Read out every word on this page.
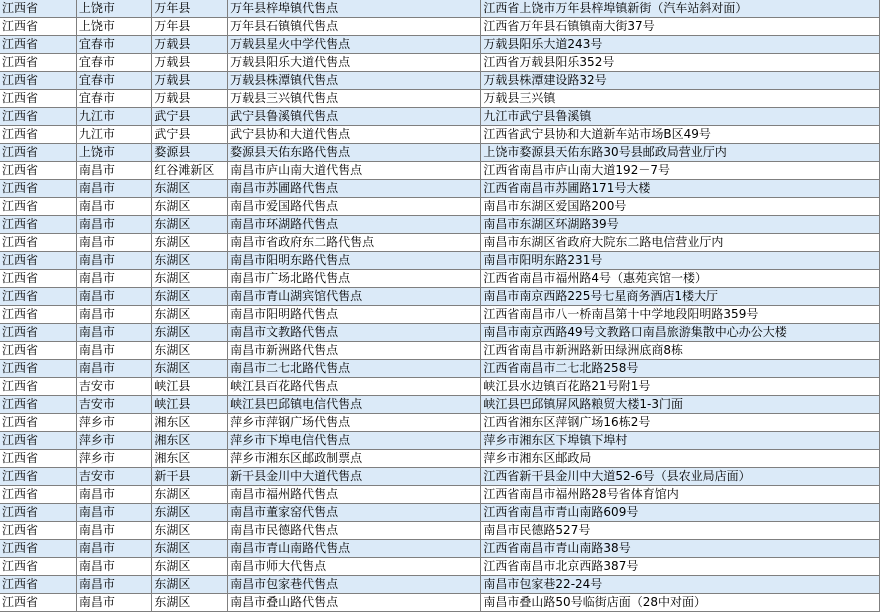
江西省	上饶市	万年县	万年县梓埠镇代售点	江西省上饶市万年县梓埠镇新街（汽车站斜对面）
江西省	上饶市	万年县	万年县石镇镇代售点	江西省万年县石镇镇南大街37号
江西省	宜春市	万载县	万载县星火中学代售点	万载县阳乐大道243号
江西省	宜春市	万载县	万载县阳乐大道代售点	江西省万载县阳乐352号
江西省	宜春市	万载县	万载县株潭镇代售点	万载县株潭建设路32号
江西省	宜春市	万载县	万载县三兴镇代售点	万载县三兴镇
江西省	九江市	武宁县	武宁县鲁溪镇代售点	九江市武宁县鲁溪镇
江西省	九江市	武宁县	武宁县协和大道代售点	江西省武宁县协和大道新车站市场B区49号
江西省	上饶市	婺源县	婺源县天佑东路代售点	上饶市婺源县天佑东路30号县邮政局营业厅内
江西省	南昌市	红谷滩新区	南昌市庐山南大道代售点	江西省南昌市庐山南大道192－7号
江西省	南昌市	东湖区	南昌市苏圃路代售点	江西省南昌市苏圃路171号大楼
江西省	南昌市	东湖区	南昌市爱国路代售点	南昌市东湖区爱国路200号
江西省	南昌市	东湖区	南昌市环湖路代售点	南昌市东湖区环湖路39号
江西省	南昌市	东湖区	南昌市省政府东二路代售点	南昌市东湖区省政府大院东二路电信营业厅内
江西省	南昌市	东湖区	南昌市阳明东路代售点	南昌市阳明东路231号
江西省	南昌市	东湖区	南昌市广场北路代售点	江西省南昌市福州路4号（惠苑宾馆一楼）
江西省	南昌市	东湖区	南昌市青山湖宾馆代售点	南昌市南京西路225号七星商务酒店1楼大厅
江西省	南昌市	东湖区	南昌市阳明路代售点	江西省南昌市八一桥南昌第十中学地段阳明路359号
江西省	南昌市	东湖区	南昌市文教路代售点	南昌市南京西路49号文教路口南昌旅游集散中心办公大楼
江西省	南昌市	东湖区	南昌市新洲路代售点	江西省南昌市新洲路新田绿洲底商8栋
江西省	南昌市	东湖区	南昌市二七北路代售点	江西省南昌市二七北路258号
江西省	吉安市	峡江县	峡江县百花路代售点	峡江县水边镇百花路21号附1号
江西省	吉安市	峡江县	峡江县巴邱镇电信代售点	峡江县巴邱镇屏风路粮贸大楼1-3门面
江西省	萍乡市	湘东区	萍乡市萍钢广场代售点	江西省湘东区萍钢广场16栋2号
江西省	萍乡市	湘东区	萍乡市下埠电信代售点	萍乡市湘东区下埠镇下埠村
江西省	萍乡市	湘东区	萍乡市湘东区邮政制票点	萍乡市湘东区邮政局
江西省	吉安市	新干县	新干县金川中大道代售点	江西省新干县金川中大道52-6号（县农业局店面）
江西省	南昌市	东湖区	南昌市福州路代售点	江西省南昌市福州路28号省体育馆内
江西省	南昌市	东湖区	南昌市董家窑代售点	江西省南昌市青山南路609号
江西省	南昌市	东湖区	南昌市民德路代售点	南昌市民德路527号
江西省	南昌市	东湖区	南昌市青山南路代售点	江西省南昌市青山南路38号
江西省	南昌市	东湖区	南昌市师大代售点	江西省南昌市北京西路387号
江西省	南昌市	东湖区	南昌市包家巷代售点	南昌市包家巷22-24号
江西省	南昌市	东湖区	南昌市叠山路代售点	南昌市叠山路50号临街店面（28中对面）
